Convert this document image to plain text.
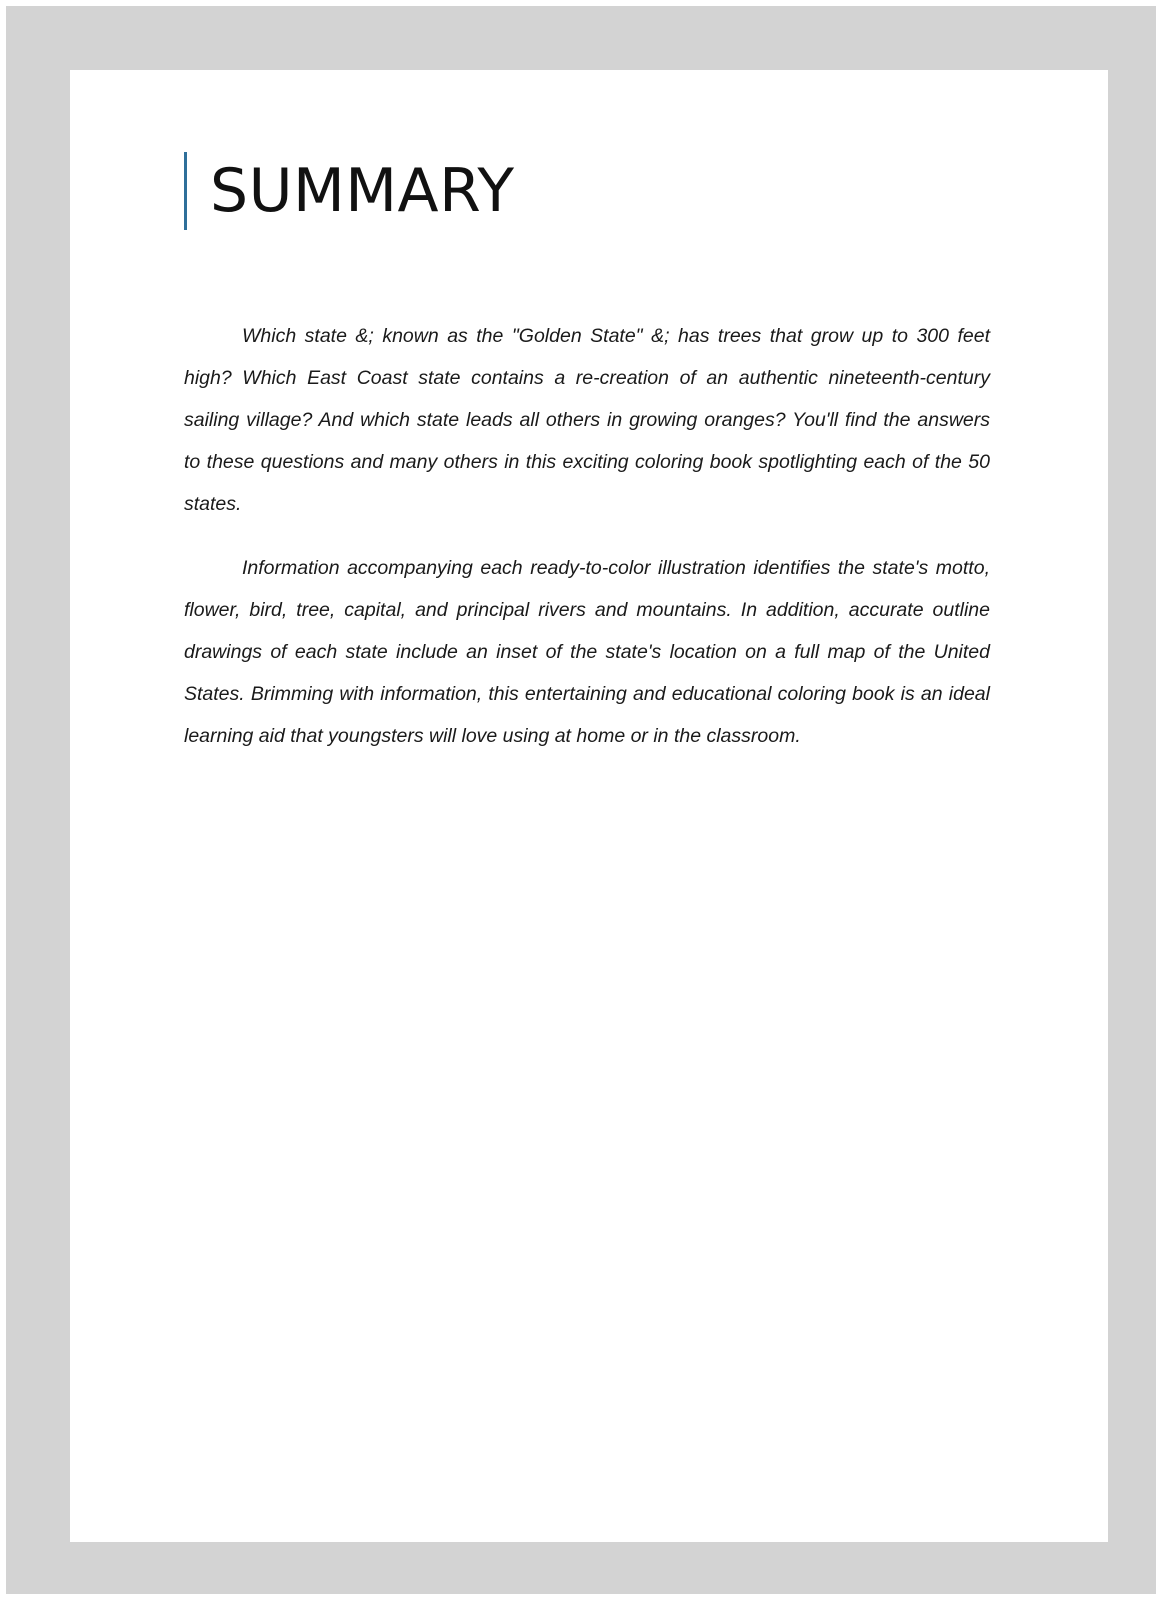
SUMMARY

Which state &; known as the "Golden State" &; has trees that grow up to 300 feet high? Which East Coast state contains a re-creation of an authentic nineteenth-century sailing village? And which state leads all others in growing oranges? You'll find the answers to these questions and many others in this exciting coloring book spotlighting each of the 50 states.

Information accompanying each ready-to-color illustration identifies the state's motto, flower, bird, tree, capital, and principal rivers and mountains. In addition, accurate outline drawings of each state include an inset of the state's location on a full map of the United States. Brimming with information, this entertaining and educational coloring book is an ideal learning aid that youngsters will love using at home or in the classroom.
